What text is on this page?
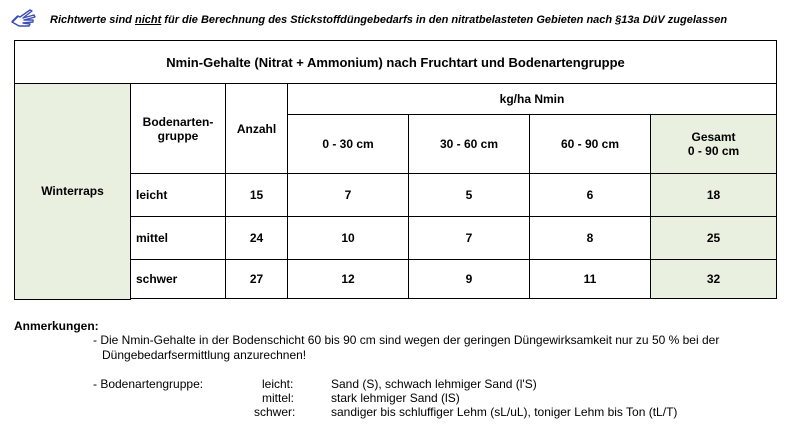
Richtwerte sind nicht für die Berechnung des Stickstoffdüngebedarfs in den nitratbelasteten Gebieten nach §13a DüV zugelassen
Nmin-Gehalte (Nitrat + Ammonium) nach Fruchtart und Bodenartengruppe						
Winterraps	Bodenarten-
gruppe	Anzahl	kg/ha Nmin			
			0 - 30 cm	30 - 60 cm	60 - 90 cm	Gesamt
0 - 90 cm
	leicht	15	7	5	6	18
	mittel	24	10	7	8	25
	schwer	27	12	9	11	32

Anmerkungen:
- Die Nmin-Gehalte in der Bodenschicht 60 bis 90 cm sind wegen der geringen Düngewirksamkeit nur zu 50 % bei der
Düngebedarfsermittlung anzurechnen!
- Bodenartengruppe:	leicht:	Sand (S), schwach lehmiger Sand (l'S)
mittel:	stark lehmiger Sand (lS)
schwer:	sandiger bis schluffiger Lehm (sL/uL), toniger Lehm bis Ton (tL/T)
